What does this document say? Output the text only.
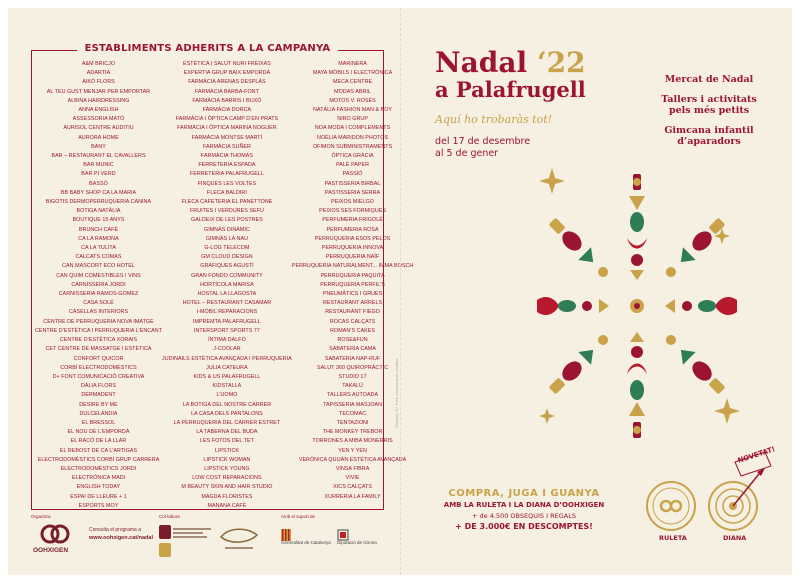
ESTABLIMENTS ADHERITS A LA CAMPANYA
A&M BRICJO
ADARTIA
AIKÓ FLORS
AL TEU GUST MENJAR PER EMPORTAR
ALBINA HAIRDRESSING
ANNA ENGLISH
ASSESSORIA MATÓ
AURISOL CENTRE AUDITIU
AURORA HOME
BANY
BAR – RESTAURANT EL CAVALLERS
BAR MUNIC
BAR PI VERD
BASSÓ
BB BABY SHOP CA LA MARIA
BIGOTIS DERMOPERRUQUERIA CANINA
BOTIGA NATÀLIA
BOUTIQUE 15 ANYS
BRUNCH CAFÈ
CA LA RAMONA
CA LA TULITA
CALCATS COMAS
CAN MASCORT ECO HOTEL
CAN QUIM COMESTIBLES I VINS
CARNISSERIA JORDI
CARNISSERIA RAMOS-GOMEZ
CASA SOLÉ
CASELLAS INTERIORS
CENTRE DE PERRUQUERIA NOVA IMATGE
CENTRE D’ESTÈTICA I PERRUQUERIA L’ENCANT
CENTRE D’ESTÈTICA XORAIS
CET CENTRE DE MASSATGE I ESTÈTICA
CONFORT QUICOR
CORBÍ ELECTRODOMÈSTICS
D+ FONT COMUNICACIÓ CREATIVA
DÀLIA FLORS
DERMADENT
DESIRE BY ME
DULCELANDIA
EL BRESSOL
EL NOU DE L’EMPORDÀ
EL RACÓ DE LA LLAR
EL REBOST DE CA L’ARTIGAS
ELECTRODOMÈSTICS CORBÍ GRUP CARRERA
ELECTRODOMÈSTICS JORDI
ELECTRÒNICA MADI
ENGLISH TODAY
ESPAI DE LLEURE + 1
ESPORTS MOY
ESTÈTICA I SALUT NURI FREIXAS
EXPERTIA GRUP BAIX EMPORDÀ
FARMÀCIA ARENAS DESPLÀS
FARMÀCIA BARBA-FONT
FARMÀCIA BARRIS I BUXÓ
FARMÀCIA DORCA
FARMÀCIA I ÒPTICA CAMP D’EN PRATS
FARMÀCIA I ÒPTICA MARINA NOGUER
FARMÀCIA MONTSE MARTÍ
FARMÀCIA SUÑER
FARMÀCIA THOMAS
FERRETERIA ESPADA
FERRETERIA PALAFRUGELL
FINQUES LES VOLTES
FLECA BALDIRI
FLECA CAFETERIA EL PANETTONE
FRUITES I VERDURES SEFU
GALDEIX DE LES POSTRES
GIMNÀS DINÀMIC
GIMNÀS LA NAU
G-LOG TELECOM
GM CLOUD DESIGN
GRÀFIQUES AGUSTÍ
GRAN FONDO COMMUNITY
HORTÍCOLA MARISA
HOSTAL LA LLAGOSTA
HOTEL – RESTAURANT CASAMAR
I-MÒBIL REPARACIONS
IMPREMTA PALAFRUGELL
INTERSPORT SPORTS 77
ÍNTIMA DALFO
J-COOLAR
JUDINAILS ESTÈTICA AVANÇADA I PERRUQUERIA
JULIA CATEURA
KIDS & US PALAFRUGELL
KIDSTALLA
L’UOMO
LA BOTIGA DEL NOSTRE CARRER
LA CASA DELS PANTALONS
LA PERRUQUERIA DEL CARRER ESTRET
LA TABERNA DEL BUDA
LES FOTOS DEL TET
LIPSTICK
LIPSTICK WOMAN
LIPSTICK YOUNG
LOW COST REPARACIONS
M BEAUTY SKIN AND HAIR STUDIO
MAGDA FLORISTES
MANANA CAFÈ
MARINERA
MAYA MÒBILS I ELECTRÒNICA
MECA CENTRE
MODAS ABRIL
MOTOS V. ROSÉS
NATÀLIA FASHION MAN & BOY
NIRO GRUP
NOA MODA I COMPLEMENTS
NOÈLIA MARIDON PHOTOS
OFIMON SUBMINISTRAMENTS
ÒPTICA GRÀCIA
PALÈ PAPER
PASSIÓ
PASTISSERIA BIRBAL
PASTISSERIA SERRA
PEIXOS MIELGO
PEIXOS SES FORMIQUES
PERFUMERIA FRIGOLÉ
PERFUMERIA ROSA
PERRUQUERIA ESOS PELOS
PERRUQUERIA INNOVA
PERRUQUERIA NAÏF
PERRUQUERIA NATURALMENT... IMMA BOSCH
PERRUQUERIA PAQUITA
PERRUQUERIA PERFIL’S
PNEUMÀTICS I GRUES
RESTAURANT ARRELS
RESTAURANT FIEGO
ROCAS CALÇATS
ROMAN’S CAKES
ROSE&FUN
SABATERIA CAMA
SABATERIA NAP-RUF
SALUT 360 QUIROPRÀCTIC
STUDIO 17
TAKALÚ
TALLERS AUTOADA
TAPISSERIA MASJOAN
TECOMAC
TENTAZIONI
THE MONKEY TREBOR
TORRONES A MIBA MONERRIS
YEN Y YEN
VERÒNICA QUIJÀN ESTÈTICA AVANÇADA
VINSA FIBRA
VIVIE
XICS CALÇATS
XURRERIA LA FAMILY
Organitza
OOHXIGEN
Consulta el programa a
www.oohxigen.cat/nadal
Col·labora	Amb el suport de
Generalitat de Catalunya Diputació de Girona
Disseny: D+ Font comunicació creativa
Nadal ‘22
a Palafrugell
Aquí ho trobaràs tot!
del 17 de desembre
al 5 de gener
Mercat de Nadal
Tallers i activitats pels més petits
Gimcana infantil d’aparadors
COMPRA, JUGA I GUANYA
AMB LA RULETA I LA DIANA D’OOHXIGEN
+ de 4.500 OBSEQUIS I REGALS
+ DE 3.000€ EN DESCOMPTES!
NOVETAT!
RULETA	DIANA
